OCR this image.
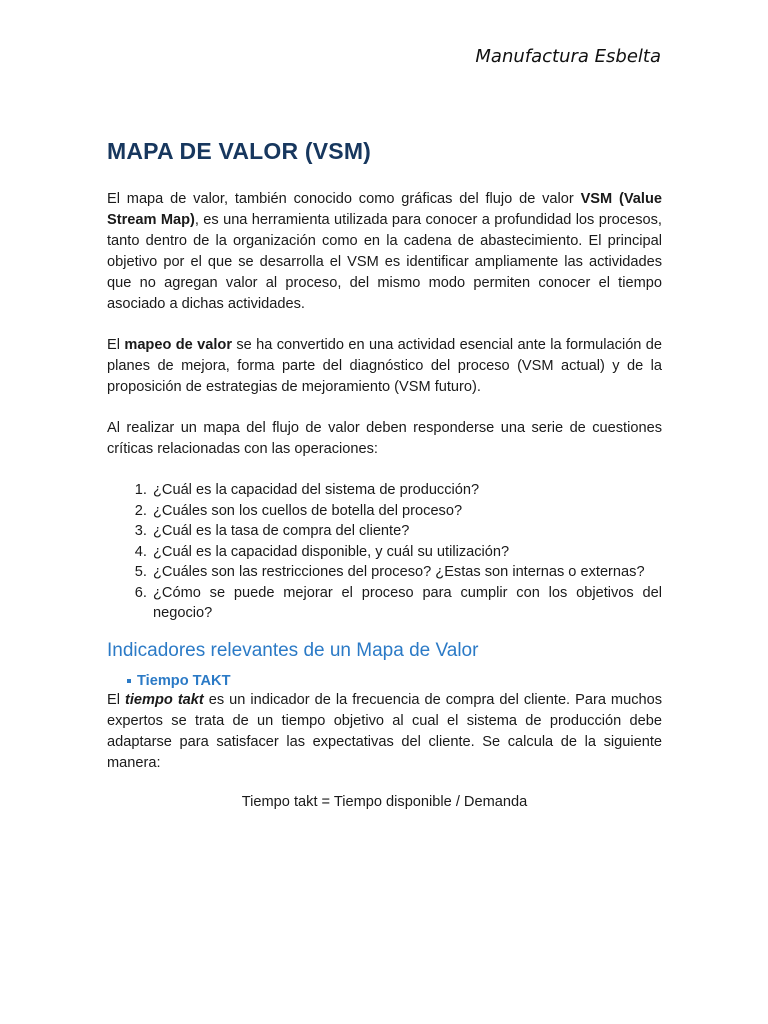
Manufactura Esbelta
MAPA DE VALOR (VSM)

El mapa de valor, también conocido como gráficas del flujo de valor VSM (Value Stream Map), es una herramienta utilizada para conocer a profundidad los procesos, tanto dentro de la organización como en la cadena de abastecimiento. El principal objetivo por el que se desarrolla el VSM es identificar ampliamente las actividades que no agregan valor al proceso, del mismo modo permiten conocer el tiempo asociado a dichas actividades.

El mapeo de valor se ha convertido en una actividad esencial ante la formulación de planes de mejora, forma parte del diagnóstico del proceso (VSM actual) y de la proposición de estrategias de mejoramiento (VSM futuro).

Al realizar un mapa del flujo de valor deben responderse una serie de cuestiones críticas relacionadas con las operaciones:

1. ¿Cuál es la capacidad del sistema de producción?
2. ¿Cuáles son los cuellos de botella del proceso?
3. ¿Cuál es la tasa de compra del cliente?
4. ¿Cuál es la capacidad disponible, y cuál su utilización?
5. ¿Cuáles son las restricciones del proceso? ¿Estas son internas o externas?
6. ¿Cómo se puede mejorar el proceso para cumplir con los objetivos del negocio?
Indicadores relevantes de un Mapa de Valor
Tiempo TAKT

El tiempo takt es un indicador de la frecuencia de compra del cliente. Para muchos expertos se trata de un tiempo objetivo al cual el sistema de producción debe adaptarse para satisfacer las expectativas del cliente. Se calcula de la siguiente manera:

Tiempo takt = Tiempo disponible / Demanda
